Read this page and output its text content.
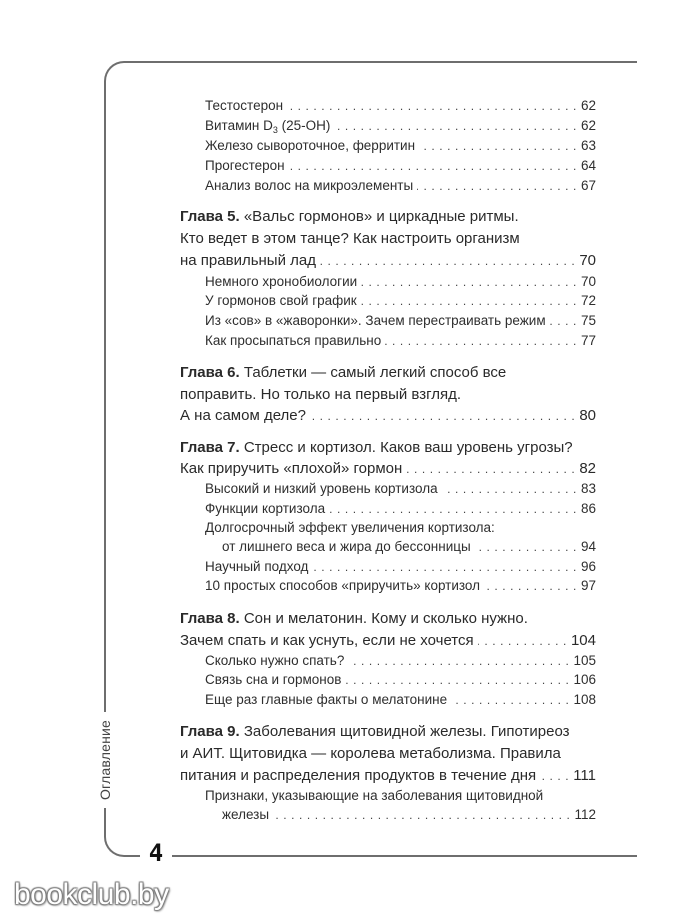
Оглавление
4
bookclub.by
Тестостерон . . .	62
Витамин $D_3$ (25-OH) . . .	62
Железо сывороточное, ферритин . . .	63
Прогестерон . . .	64
Анализ волос на микроэлементы . . .	67
Глава 5.
«Вальс гормонов» и циркадные ритмы.
Кто ведет в этом танце? Как настроить организм
на правильный лад . . .	70
Немного хронобиологии . . .	70
У гормонов свой график . . .	72
Из «сов» в «жаворонки». Зачем перестраивать режим . . .	75
Как просыпаться правильно . . .	77
Глава 6.
Таблетки — самый легкий способ все
поправить. Но только на первый взгляд.
А на самом деле? . . .	80
Глава 7.
Стресс и кортизол. Каков ваш уровень угрозы?
Как приручить «плохой» гормон . . .	82
Высокий и низкий уровень кортизола . . .	83
Функции кортизола . . .	86
Долгосрочный эффект увеличения кортизола:
от лишнего веса и жира до бессонницы . . .	94
Научный подход . . .	96
10 простых способов «приручить» кортизол . . .	97
Глава 8.
Сон и мелатонин. Кому и сколько нужно.
Зачем спать и как уснуть, если не хочется . . .	104
Сколько нужно спать? . . .	105
Связь сна и гормонов . . .	106
Еще раз главные факты о мелатонине . . .	108
Глава 9.
Заболевания щитовидной железы. Гипотиреоз
и АИТ. Щитовидка — королева метаболизма. Правила
питания и распределения продуктов в течение дня . . . 111
Признаки, указывающие на заболевания щитовидной
железы . . .	112
